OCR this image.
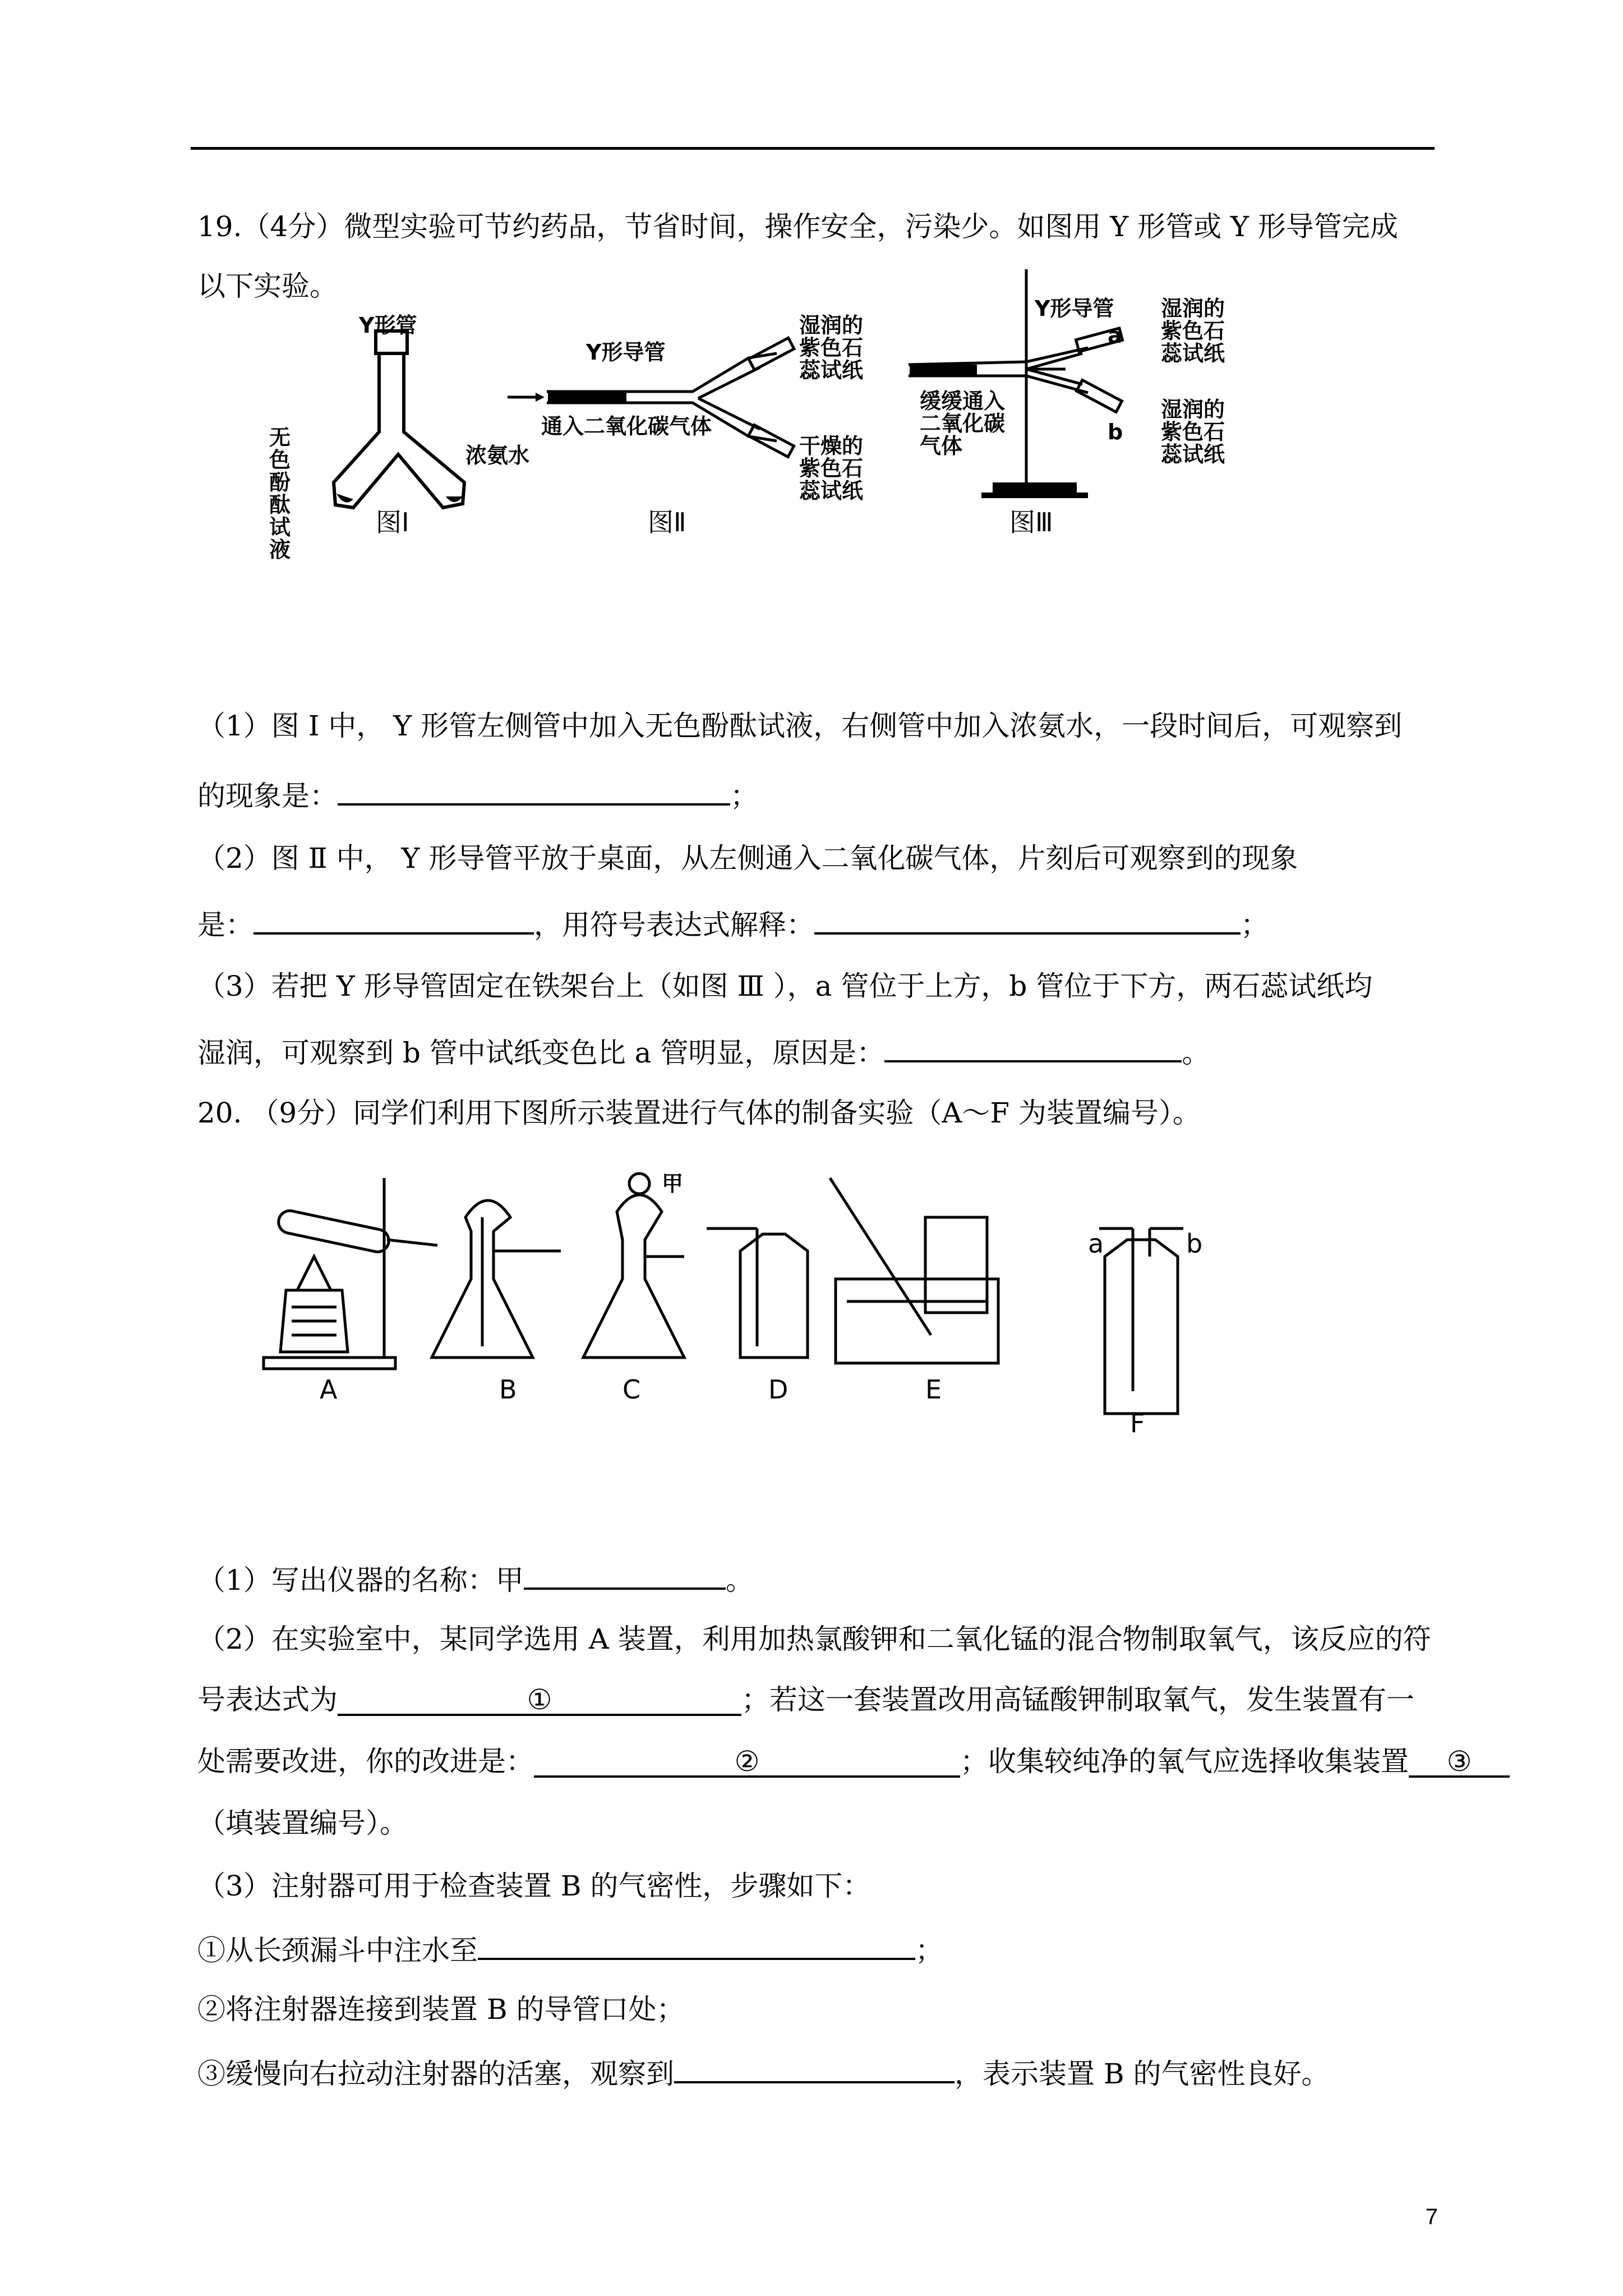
19.（4分）微型实验可节约药品，节省时间，操作安全，污染少。如图用 Y 形管或 Y 形导管完成
以下实验。
Y形管
无色酚酞试液
浓氨水
图Ⅰ
Y形导管
通入二氧化碳气体
湿润的紫色石蕊试纸
干燥的紫色石蕊试纸
图Ⅱ
Y形导管
缓缓通入二氧化碳气体
a
b
湿润的紫色石蕊试纸
湿润的紫色石蕊试纸
图Ⅲ
（1）图 Ⅰ 中， Y 形管左侧管中加入无色酚酞试液，右侧管中加入浓氨水，一段时间后，可观察到
的现象是：	；
（2）图 Ⅱ 中， Y 形导管平放于桌面，从左侧通入二氧化碳气体，片刻后可观察到的现象
是：	，用符号表达式解释：	；
（3）若把 Y 形导管固定在铁架台上（如图 Ⅲ ），a 管位于上方，b 管位于下方，两石蕊试纸均
湿润，可观察到 b 管中试纸变色比 a 管明显，原因是：	。
20. （9分）同学们利用下图所示装置进行气体的制备实验（A～F 为装置编号）。
A	B	C	D	E
F
甲
a	b
（1）写出仪器的名称：甲	。
（2）在实验室中，某同学选用 A 装置，利用加热氯酸钾和二氧化锰的混合物制取氧气，该反应的符
号表达式为	①	；若这一套装置改用高锰酸钾制取氧气，发生装置有一
处需要改进，你的改进是：	②	；收集较纯净的氧气应选择收集装置 ③
（填装置编号）。
（3）注射器可用于检查装置 B 的气密性，步骤如下：
①从长颈漏斗中注水至	；
②将注射器连接到装置 B 的导管口处；
③缓慢向右拉动注射器的活塞，观察到	，表示装置 B 的气密性良好。
7
